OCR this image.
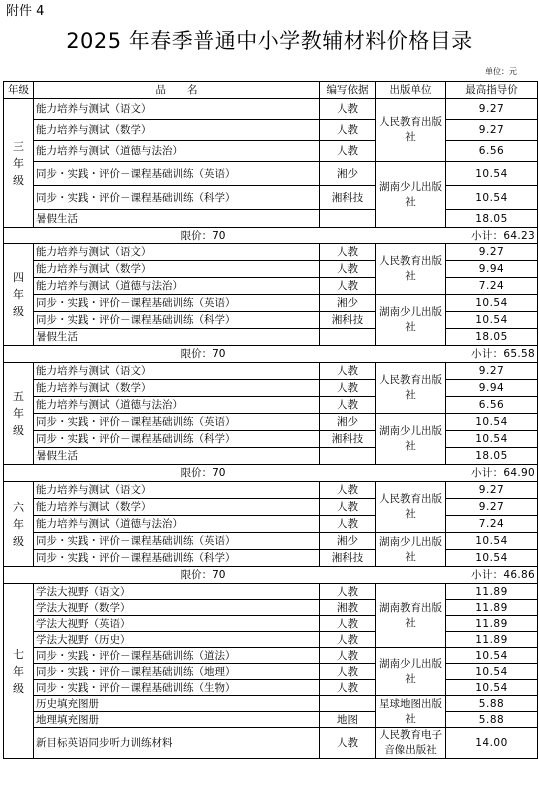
附件 4
2025 年春季普通中小学教辅材料价格目录
单位：元
年级	品　　名	编写依据	出版单位	最高指导价

三
年
级	能力培养与测试（语文）	人教	人民教育出版社	9.27
	能力培养与测试（数学）	人教		9.27
	能力培养与测试（道德与法治）	人教		6.56
	同步・实践・评价－课程基础训练（英语）	湘少	湖南少儿出版社	10.54
	同步・实践・评价－课程基础训练（科学）	湘科技		10.54
	暑假生活			18.05
限价：70			小计：64.23	

四
年
级	能力培养与测试（语文）	人教	人民教育出版社	9.27
	能力培养与测试（数学）	人教		9.94
	能力培养与测试（道德与法治）	人教		7.24
	同步・实践・评价－课程基础训练（英语）	湘少	湖南少儿出版社	10.54
	同步・实践・评价－课程基础训练（科学）	湘科技		10.54
	暑假生活			18.05
限价：70			小计：65.58	

五
年
级	能力培养与测试（语文）	人教	人民教育出版社	9.27
	能力培养与测试（数学）	人教		9.94
	能力培养与测试（道德与法治）	人教		6.56
	同步・实践・评价－课程基础训练（英语）	湘少	湖南少儿出版社	10.54
	同步・实践・评价－课程基础训练（科学）	湘科技		10.54
	暑假生活			18.05
限价：70			小计：64.90	

六
年
级	能力培养与测试（语文）	人教	人民教育出版社	9.27
	能力培养与测试（数学）	人教		9.27
	能力培养与测试（道德与法治）	人教		7.24
	同步・实践・评价－课程基础训练（英语）	湘少	湖南少儿出版社	10.54
	同步・实践・评价－课程基础训练（科学）	湘科技		10.54
限价：70			小计：46.86	

七
年
级	学法大视野（语文）	人教	湖南教育出版社	11.89
	学法大视野（数学）	湘教		11.89
	学法大视野（英语）	人教		11.89
	学法大视野（历史）	人教		11.89
	同步・实践・评价－课程基础训练（道法）	人教	湖南少儿出版社	10.54
	同步・实践・评价－课程基础训练（地理）	人教		10.54
	同步・实践・评价－课程基础训练（生物）	人教		10.54
	历史填充图册		星球地图出版社	5.88
	地理填充图册	地图		5.88
	新目标英语同步听力训练材料	人教	人民教育电子音像出版社	14.00
